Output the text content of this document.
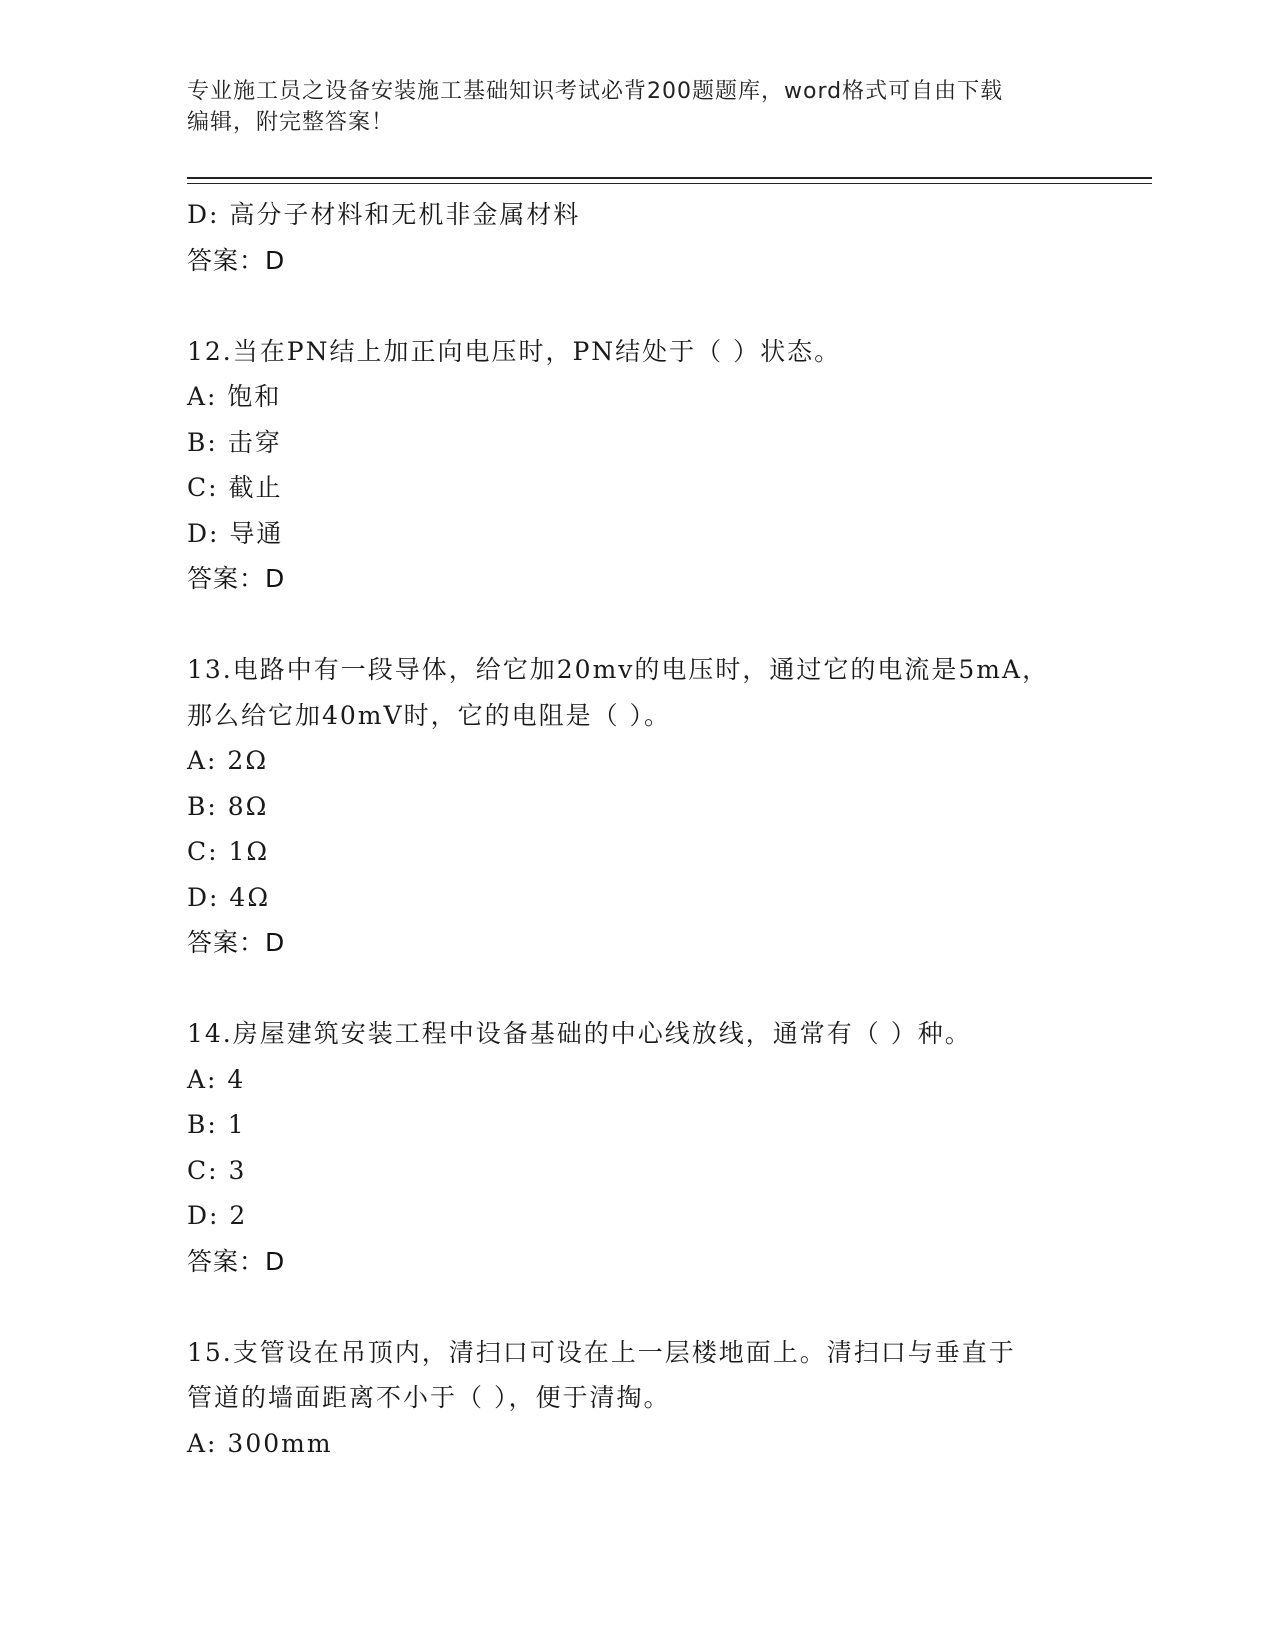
专业施工员之设备安装施工基础知识考试必背200题题库，word格式可自由下载
编辑，附完整答案！
D: 高分子材料和无机非金属材料
答案：D
12.当在PN结上加正向电压时，PN结处于（ ）状态。
A: 饱和
B: 击穿
C: 截止
D: 导通
答案：D
13.电路中有一段导体，给它加20mv的电压时，通过它的电流是5mA，
那么给它加40mV时，它的电阻是（ ）。
A: 2Ω
B: 8Ω
C: 1Ω
D: 4Ω
答案：D
14.房屋建筑安装工程中设备基础的中心线放线，通常有（ ）种。
A: 4
B: 1
C: 3
D: 2
答案：D
15.支管设在吊顶内，清扫口可设在上一层楼地面上。清扫口与垂直于
管道的墙面距离不小于（ ），便于清掏。
A: 300mm
